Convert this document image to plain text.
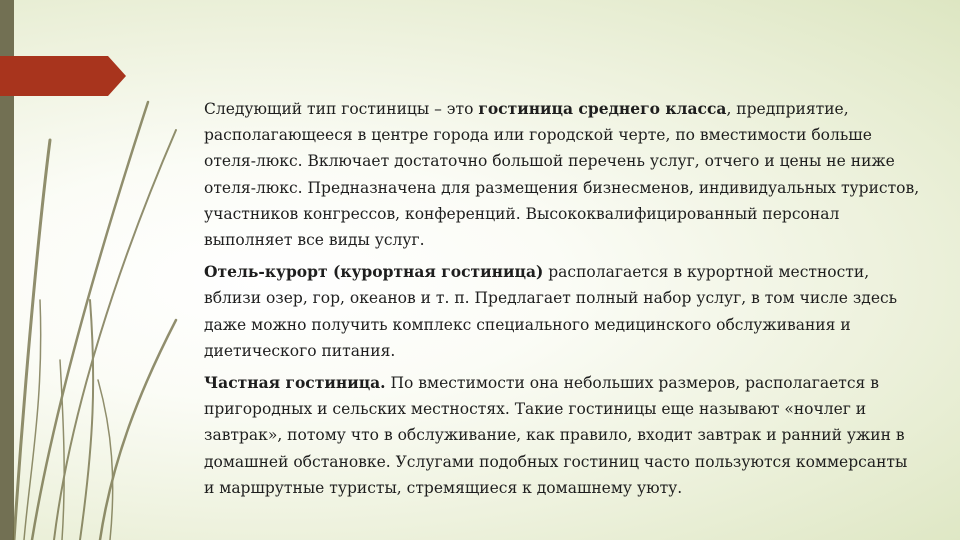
Следующий тип гостиницы – это гостиница среднего класса, предприятие, располагающееся в центре города или городской черте, по вместимости больше отеля-люкс. Включает достаточно большой перечень услуг, отчего и цены не ниже отеля-люкс. Предназначена для размещения бизнесменов, индивидуальных туристов, участников конгрессов, конференций. Высококвалифицированный персонал выполняет все виды услуг.

Отель-курорт (курортная гостиница) располагается в курортной местности, вблизи озер, гор, океанов и т. п. Предлагает полный набор услуг, в том числе здесь даже можно получить комплекс специального медицинского обслуживания и диетического питания.

Частная гостиница. По вместимости она небольших размеров, располагается в пригородных и сельских местностях. Такие гостиницы еще называют «ночлег и завтрак», потому что в обслуживание, как правило, входит завтрак и ранний ужин в домашней обстановке. Услугами подобных гостиниц часто пользуются коммерсанты и маршрутные туристы, стремящиеся к домашнему уюту.
